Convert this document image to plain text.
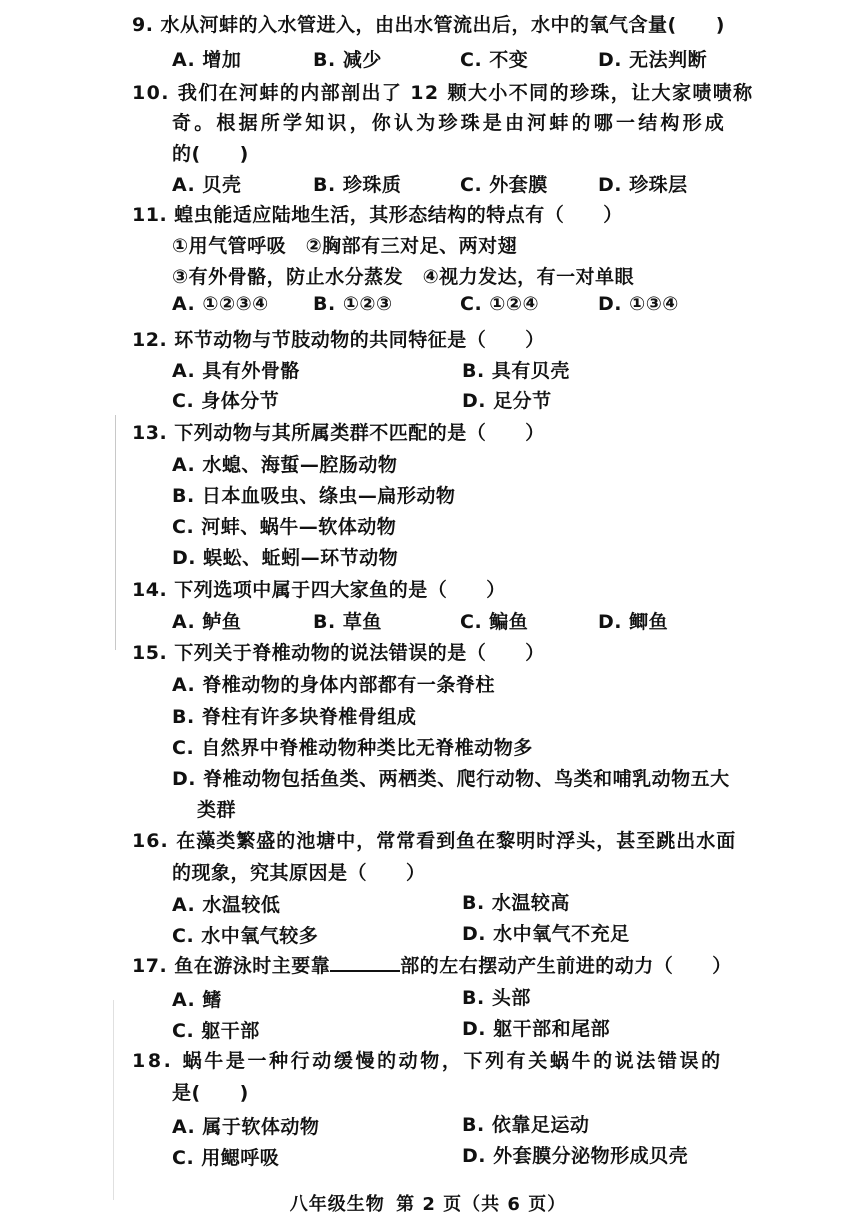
9. 水从河蚌的入水管进入，由出水管流出后，水中的氧气含量(　　)
A. 增加	B. 减少	C. 不变	D. 无法判断
10. 我们在河蚌的内部剖出了 12 颗大小不同的珍珠，让大家啧啧称
奇。根据所学知识，你认为珍珠是由河蚌的哪一结构形成
的(　　)
A. 贝壳	B. 珍珠质	C. 外套膜	D. 珍珠层
11. 蝗虫能适应陆地生活，其形态结构的特点有（　　）
①用气管呼吸　②胸部有三对足、两对翅
③有外骨骼，防止水分蒸发　④视力发达，有一对单眼
A. ①②③④ B. ①②③	C. ①②④	D. ①③④
12. 环节动物与节肢动物的共同特征是（　　）
A. 具有外骨骼	B. 具有贝壳
C. 身体分节	D. 足分节
13. 下列动物与其所属类群不匹配的是（　　）
A. 水螅、海蜇—腔肠动物
B. 日本血吸虫、绦虫—扁形动物
C. 河蚌、蜗牛—软体动物
D. 蜈蚣、蚯蚓—环节动物
14. 下列选项中属于四大家鱼的是（　　）
A. 鲈鱼	B. 草鱼	C. 鳊鱼	D. 鲫鱼
15. 下列关于脊椎动物的说法错误的是（　　）
A. 脊椎动物的身体内部都有一条脊柱
B. 脊柱有许多块脊椎骨组成
C. 自然界中脊椎动物种类比无脊椎动物多
D. 脊椎动物包括鱼类、两栖类、爬行动物、鸟类和哺乳动物五大
类群
16. 在藻类繁盛的池塘中，常常看到鱼在黎明时浮头，甚至跳出水面
的现象，究其原因是（　　）
A. 水温较低	B. 水温较高
C. 水中氧气较多	D. 水中氧气不充足
17. 鱼在游泳时主要靠	部的左右摆动产生前进的动力（　　）
A. 鳍	B. 头部
C. 躯干部	D. 躯干部和尾部
18. 蜗牛是一种行动缓慢的动物，下列有关蜗牛的说法错误的
是(　　)
A. 属于软体动物	B. 依靠足运动
C. 用鳃呼吸	D. 外套膜分泌物形成贝壳
八年级生物 第 2 页（共 6 页）
